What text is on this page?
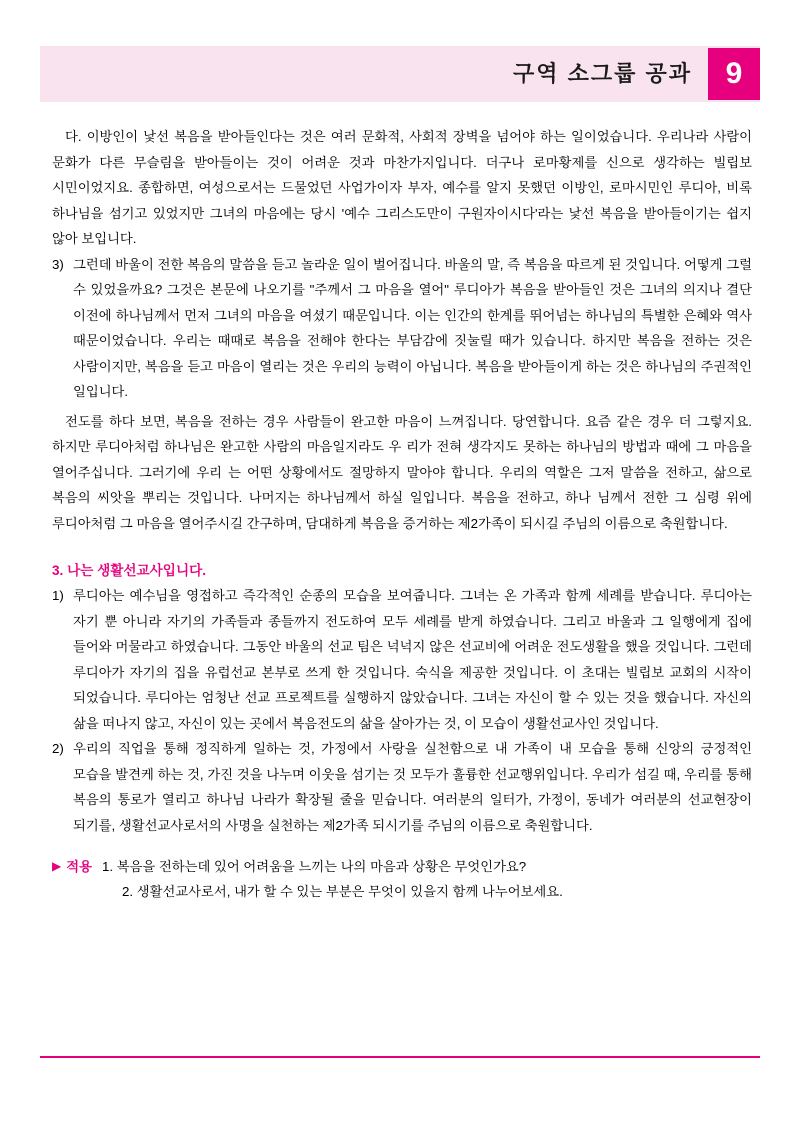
구역 소그룹 공과 9

다. 이방인이 낯선 복음을 받아들인다는 것은 여러 문화적, 사회적 장벽을 넘어야 하는 일이었습니다. 우리나라 사람이 문화가 다른 무슬림을 받아들이는 것이 어려운 것과 마찬가지입니다. 더구나 로마황제를 신으로 생각하는 빌립보 시민이었지요. 종합하면, 여성으로서는 드물었던 사업가이자 부자, 예수를 알지 못했던 이방인, 로마시민인 루디아, 비록 하나님을 섬기고 있었지만 그녀의 마음에는 당시 '예수 그리스도만이 구원자이시다'라는 낯선 복음을 받아들이기는 쉽지 않아 보입니다.

3) 그런데 바울이 전한 복음의 말씀을 듣고 놀라운 일이 벌어집니다. 바울의 말, 즉 복음을 따르게 된 것입니다. 어떻게 그럴 수 있었을까요? 그것은 본문에 나오기를 "주께서 그 마음을 열어" 루디아가 복음을 받아들인 것은 그녀의 의지나 결단 이전에 하나님께서 먼저 그녀의 마음을 여셨기 때문입니다. 이는 인간의 한계를 뛰어넘는 하나님의 특별한 은혜와 역사 때문이었습니다. 우리는 때때로 복음을 전해야 한다는 부담감에 짓눌릴 때가 있습니다. 하지만 복음을 전하는 것은 사람이지만, 복음을 듣고 마음이 열리는 것은 우리의 능력이 아닙니다. 복음을 받아들이게 하는 것은 하나님의 주권적인 일입니다.

전도를 하다 보면, 복음을 전하는 경우 사람들이 완고한 마음이 느껴집니다. 당연합니다. 요즘 같은 경우 더 그렇지요. 하지만 루디아처럼 하나님은 완고한 사람의 마음일지라도 우 리가 전혀 생각지도 못하는 하나님의 방법과 때에 그 마음을 열어주십니다. 그러기에 우리 는 어떤 상황에서도 절망하지 말아야 합니다. 우리의 역할은 그저 말씀을 전하고, 삶으로 복음의 씨앗을 뿌리는 것입니다. 나머지는 하나님께서 하실 일입니다. 복음을 전하고, 하나 님께서 전한 그 심령 위에 루디아처럼 그 마음을 열어주시길 간구하며, 담대하게 복음을 증거하는 제2가족이 되시길 주님의 이름으로 축원합니다.

3. 나는 생활선교사입니다.

1) 루디아는 예수님을 영접하고 즉각적인 순종의 모습을 보여줍니다. 그녀는 온 가족과 함께 세례를 받습니다. 루디아는 자기 뿐 아니라 자기의 가족들과 종들까지 전도하여 모두 세례를 받게 하였습니다. 그리고 바울과 그 일행에게 집에 들어와 머물라고 하였습니다. 그동안 바울의 선교 팀은 넉넉지 않은 선교비에 어려운 전도생활을 했을 것입니다. 그런데 루디아가 자기의 집을 유럽선교 본부로 쓰게 한 것입니다. 숙식을 제공한 것입니다. 이 초대는 빌립보 교회의 시작이 되었습니다. 루디아는 엄청난 선교 프로젝트를 실행하지 않았습니다. 그녀는 자신이 할 수 있는 것을 했습니다. 자신의 삶을 떠나지 않고, 자신이 있는 곳에서 복음전도의 삶을 살아가는 것, 이 모습이 생활선교사인 것입니다.

2) 우리의 직업을 통해 정직하게 일하는 것, 가정에서 사랑을 실천함으로 내 가족이 내 모습을 통해 신앙의 긍정적인 모습을 발견케 하는 것, 가진 것을 나누며 이웃을 섬기는 것 모두가 훌륭한 선교행위입니다. 우리가 섬길 때, 우리를 통해 복음의 통로가 열리고 하나님 나라가 확장될 줄을 믿습니다. 여러분의 일터가, 가정이, 동네가 여러분의 선교현장이 되기를, 생활선교사로서의 사명을 실천하는 제2가족 되시기를 주님의 이름으로 축원합니다.

▶ 적용 1. 복음을 전하는데 있어 어려움을 느끼는 나의 마음과 상황은 무엇인가요?
2. 생활선교사로서, 내가 할 수 있는 부분은 무엇이 있을지 함께 나누어보세요.
